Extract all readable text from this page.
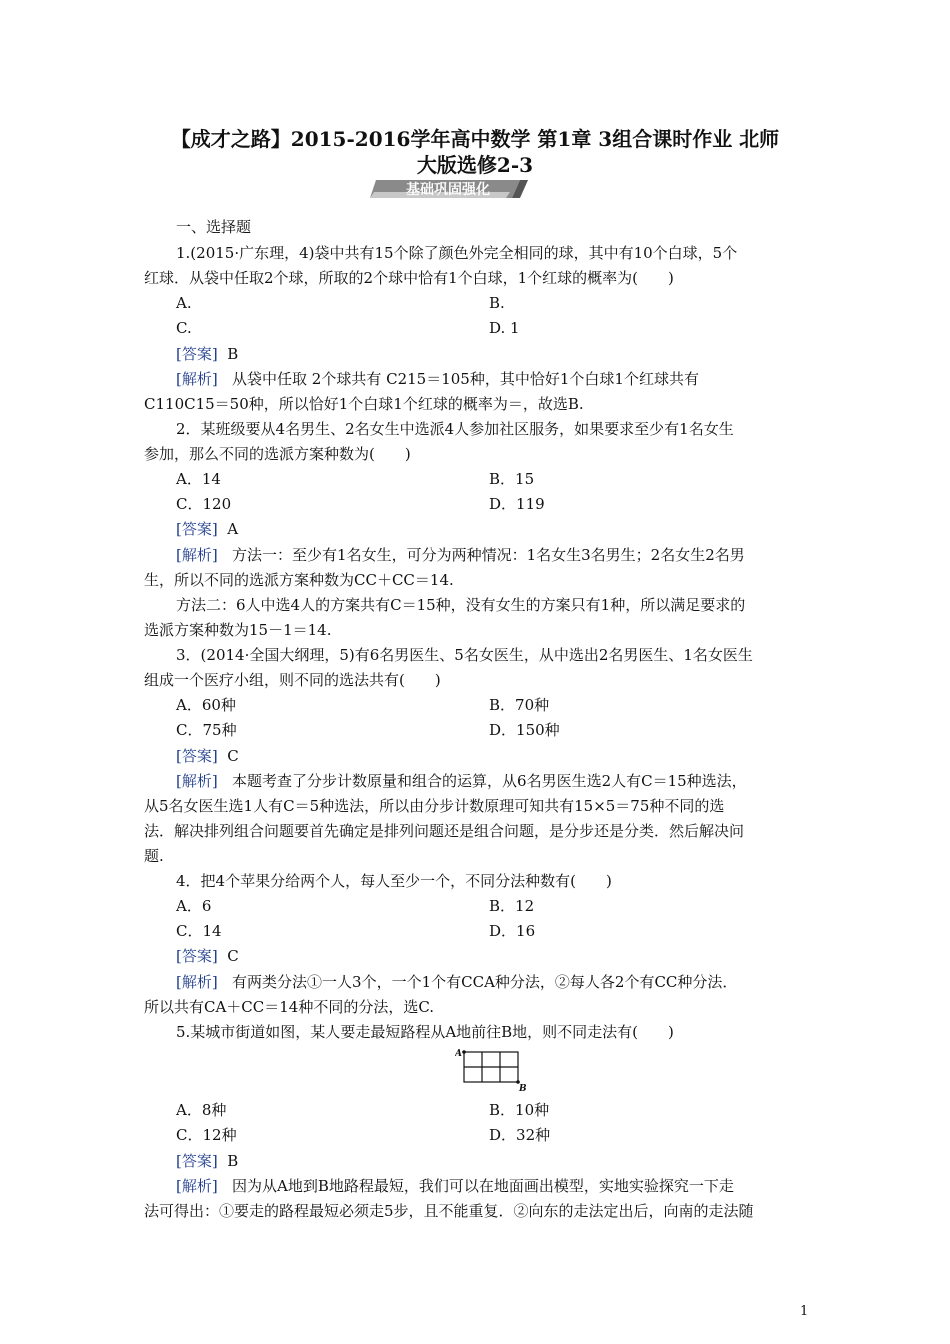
【成才之路】2015-2016学年高中数学 第1章 3组合课时作业 北师
大版选修2-3
基础巩固强化
一、选择题
1.(2015·广东理，4)袋中共有15个除了颜色外完全相同的球，其中有10个白球，5个
红球．从袋中任取2个球，所取的2个球中恰有1个白球，1个红球的概率为(　　)
A.	B.
C.	D. 1
[答案] B
[解析] 从袋中任取 2个球共有 C215＝105种，其中恰好1个白球1个红球共有
C110C15＝50种，所以恰好1个白球1个红球的概率为＝，故选B.
2．某班级要从4名男生、2名女生中选派4人参加社区服务，如果要求至少有1名女生
参加，那么不同的选派方案种数为(　　)
A．14	B．15
C．120	D．119
[答案] A
[解析] 方法一：至少有1名女生，可分为两种情况：1名女生3名男生；2名女生2名男
生，所以不同的选派方案种数为CC＋CC＝14.
方法二：6人中选4人的方案共有C＝15种，没有女生的方案只有1种，所以满足要求的
选派方案种数为15－1＝14.
3．(2014·全国大纲理，5)有6名男医生、5名女医生，从中选出2名男医生、1名女医生
组成一个医疗小组，则不同的选法共有(　　)
A．60种	B．70种
C．75种	D．150种
[答案] C
[解析] 本题考查了分步计数原量和组合的运算，从6名男医生选2人有C＝15种选法，
从5名女医生选1人有C＝5种选法，所以由分步计数原理可知共有15×5＝75种不同的选
法．解决排列组合问题要首先确定是排列问题还是组合问题，是分步还是分类．然后解决问
题.
4．把4个苹果分给两个人，每人至少一个，不同分法种数有(　　)
A．6	B．12
C．14	D．16
[答案] C
[解析] 有两类分法①一人3个，一个1个有CCA种分法，②每人各2个有CC种分法．
所以共有CA＋CC＝14种不同的分法，选C.
5.某城市街道如图，某人要走最短路程从A地前往B地，则不同走法有(　　)
A
B
A．8种	B．10种
C．12种	D．32种
[答案] B
[解析] 因为从A地到B地路程最短，我们可以在地面画出模型，实地实验探究一下走
法可得出：①要走的路程最短必须走5步，且不能重复．②向东的走法定出后，向南的走法随
1
